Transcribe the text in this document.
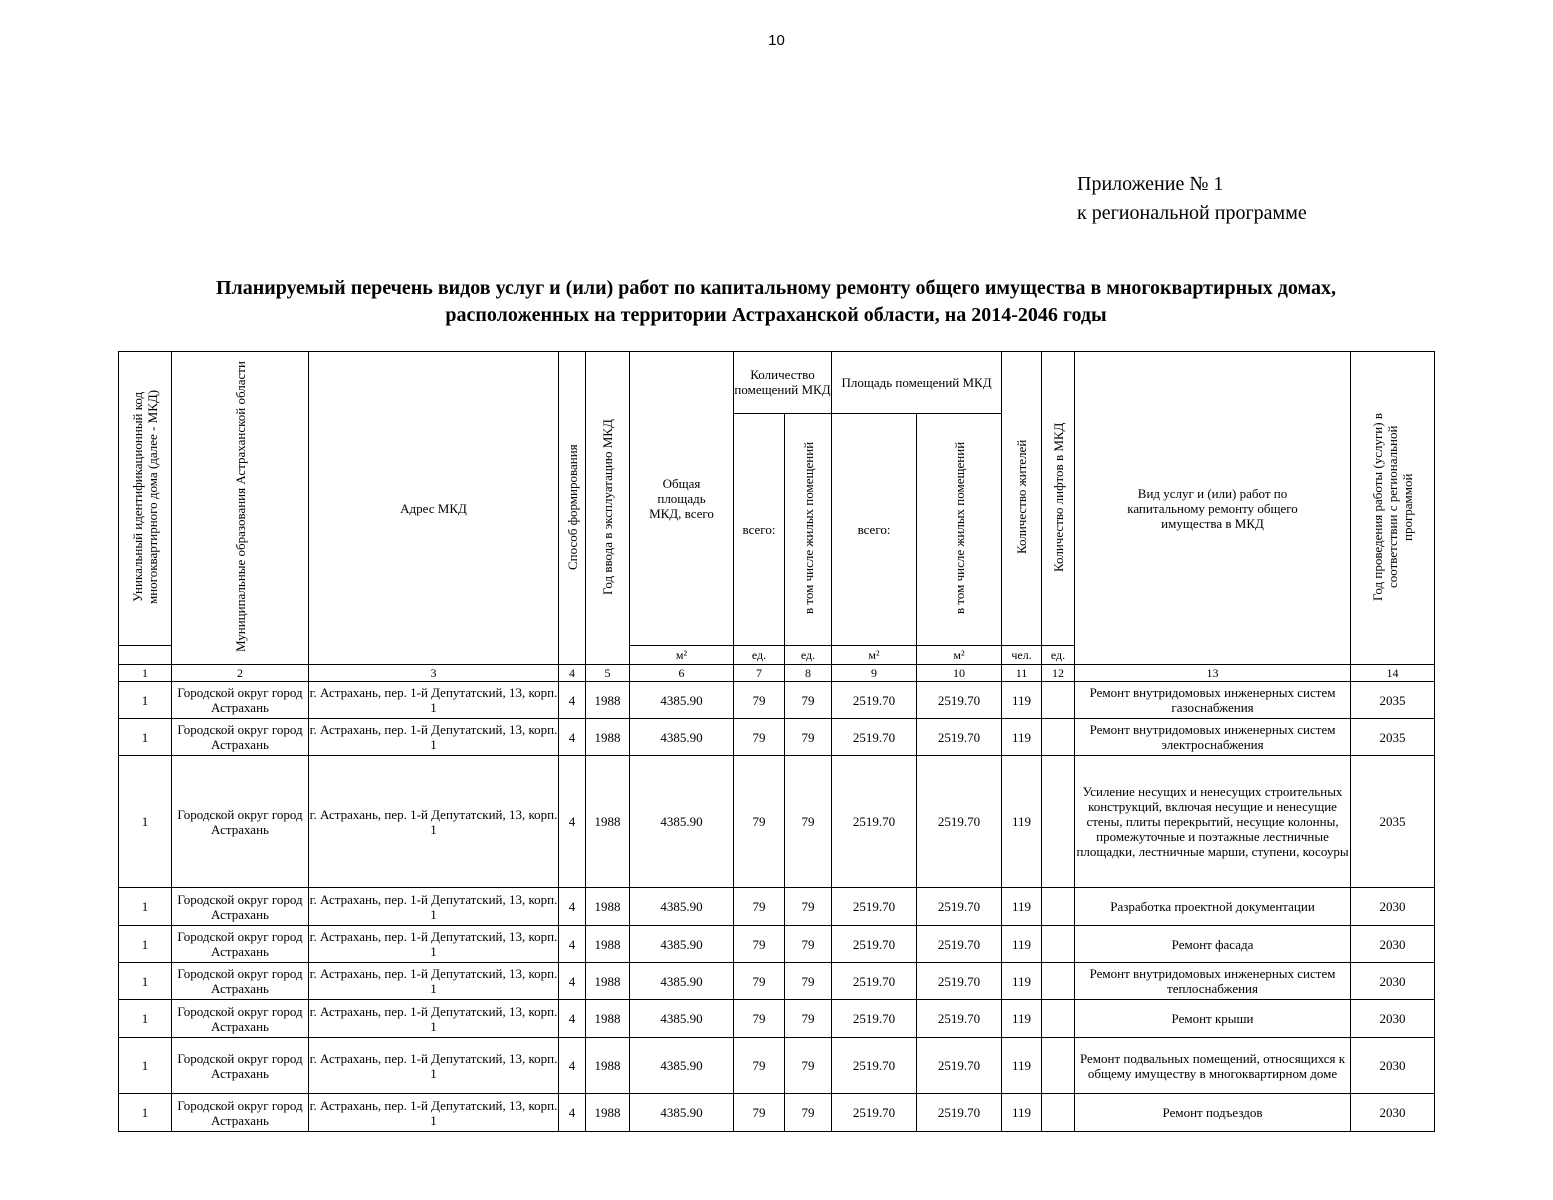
10
Приложение № 1
к региональной программе
Планируемый перечень видов услуг и (или) работ по капитальному ремонту общего имущества в многоквартирных домах,
расположенных на территории Астраханской области, на 2014-2046 годы
Уникальный идентификационный код многоквартирного дома (далее - МКД)	Муниципальные образования Астраханской области	Адрес МКД	Способ формирования	Год ввода в эксплуатацию МКД	Общая площадь МКД, всего	Количество помещений МКД		Площадь помещений МКД		Количество жителей	Количество лифтов в МКД	Вид услуг и (или) работ по капитальному ремонту общего имущества в МКД	Год проведения работы (услуги) в соответствии с региональной программой
						всего:	в том числе жилых помещений	всего:	в том числе жилых помещений				
					м²	ед.	ед.	м²	м²	чел.	ед.		
1	2	3	4	5	6	7	8	9	10	11	12	13	14
1	Городской округ город Астрахань	г. Астрахань, пер. 1-й Депутатский, 13, корп. 1	4	1988	4385.90	79	79	2519.70	2519.70	119		Ремонт внутридомовых инженерных систем газоснабжения	2035
1	Городской округ город Астрахань	г. Астрахань, пер. 1-й Депутатский, 13, корп. 1	4	1988	4385.90	79	79	2519.70	2519.70	119		Ремонт внутридомовых инженерных систем электроснабжения	2035
1	Городской округ город Астрахань	г. Астрахань, пер. 1-й Депутатский, 13, корп. 1	4	1988	4385.90	79	79	2519.70	2519.70	119		Усиление несущих и ненесущих строительных конструкций, включая несущие и ненесущие стены, плиты перекрытий, несущие колонны, промежуточные и поэтажные лестничные площадки, лестничные марши, ступени, косоуры	2035
1	Городской округ город Астрахань	г. Астрахань, пер. 1-й Депутатский, 13, корп. 1	4	1988	4385.90	79	79	2519.70	2519.70	119		Разработка проектной документации	2030
1	Городской округ город Астрахань	г. Астрахань, пер. 1-й Депутатский, 13, корп. 1	4	1988	4385.90	79	79	2519.70	2519.70	119		Ремонт фасада	2030
1	Городской округ город Астрахань	г. Астрахань, пер. 1-й Депутатский, 13, корп. 1	4	1988	4385.90	79	79	2519.70	2519.70	119		Ремонт внутридомовых инженерных систем теплоснабжения	2030
1	Городской округ город Астрахань	г. Астрахань, пер. 1-й Депутатский, 13, корп. 1	4	1988	4385.90	79	79	2519.70	2519.70	119		Ремонт крыши	2030
1	Городской округ город Астрахань	г. Астрахань, пер. 1-й Депутатский, 13, корп. 1	4	1988	4385.90	79	79	2519.70	2519.70	119		Ремонт подвальных помещений, относящихся к общему имуществу в многоквартирном доме	2030
1	Городской округ город Астрахань	г. Астрахань, пер. 1-й Депутатский, 13, корп. 1	4	1988	4385.90	79	79	2519.70	2519.70	119		Ремонт подъездов	2030
